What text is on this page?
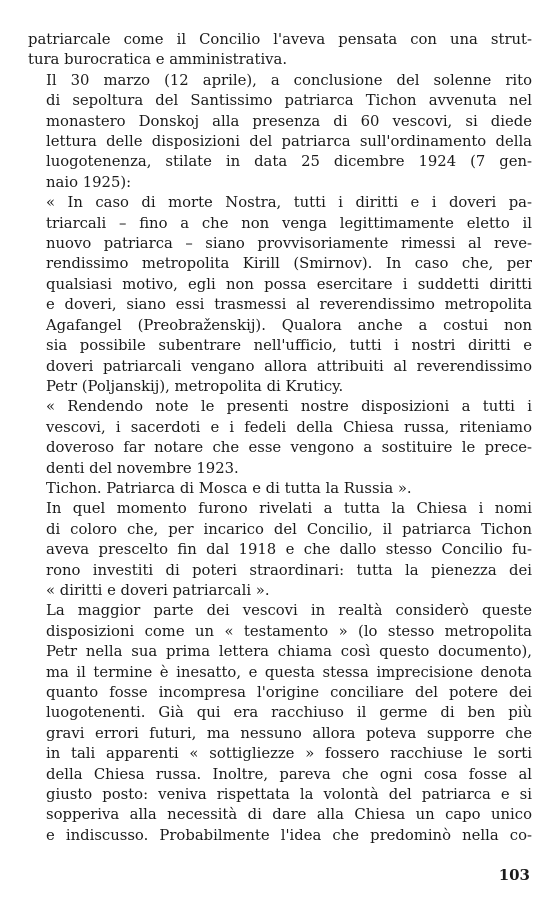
patriarcale come il Concilio l'aveva pensata con una strut-
tura burocratica e amministrativa.

Il 30 marzo (12 aprile), a conclusione del solenne rito
di sepoltura del Santissimo patriarca Tichon avvenuta nel
monastero Donskoj alla presenza di 60 vescovi, si diede
lettura delle disposizioni del patriarca sull'ordinamento della
luogotenenza, stilate in data 25 dicembre 1924 (7 gen-
naio 1925):

« In caso di morte Nostra, tutti i diritti e i doveri pa-
triarcali – fino a che non venga legittimamente eletto il
nuovo patriarca – siano provvisoriamente rimessi al reve-
rendissimo metropolita Kirill (Smirnov). In caso che, per
qualsiasi motivo, egli non possa esercitare i suddetti diritti
e doveri, siano essi trasmessi al reverendissimo metropolita
Agafangel (Preobraženskij). Qualora anche a costui non
sia possibile subentrare nell'ufficio, tutti i nostri diritti e
doveri patriarcali vengano allora attribuiti al reverendissimo
Petr (Poljanskij), metropolita di Kruticy.

« Rendendo note le presenti nostre disposizioni a tutti i
vescovi, i sacerdoti e i fedeli della Chiesa russa, riteniamo
doveroso far notare che esse vengono a sostituire le prece-
denti del novembre 1923.

Tichon. Patriarca di Mosca e di tutta la Russia ».

In quel momento furono rivelati a tutta la Chiesa i nomi
di coloro che, per incarico del Concilio, il patriarca Tichon
aveva prescelto fin dal 1918 e che dallo stesso Concilio fu-
rono investiti di poteri straordinari: tutta la pienezza dei
« diritti e doveri patriarcali ».

La maggior parte dei vescovi in realtà considerò queste
disposizioni come un « testamento » (lo stesso metropolita
Petr nella sua prima lettera chiama così questo documento),
ma il termine è inesatto, e questa stessa imprecisione denota
quanto fosse incompresa l'origine conciliare del potere dei
luogotenenti. Già qui era racchiuso il germe di ben più
gravi errori futuri, ma nessuno allora poteva supporre che
in tali apparenti « sottigliezze » fossero racchiuse le sorti
della Chiesa russa. Inoltre, pareva che ogni cosa fosse al
giusto posto: veniva rispettata la volontà del patriarca e si
sopperiva alla necessità di dare alla Chiesa un capo unico
e indiscusso. Probabilmente l'idea che predominò nella co-

103
